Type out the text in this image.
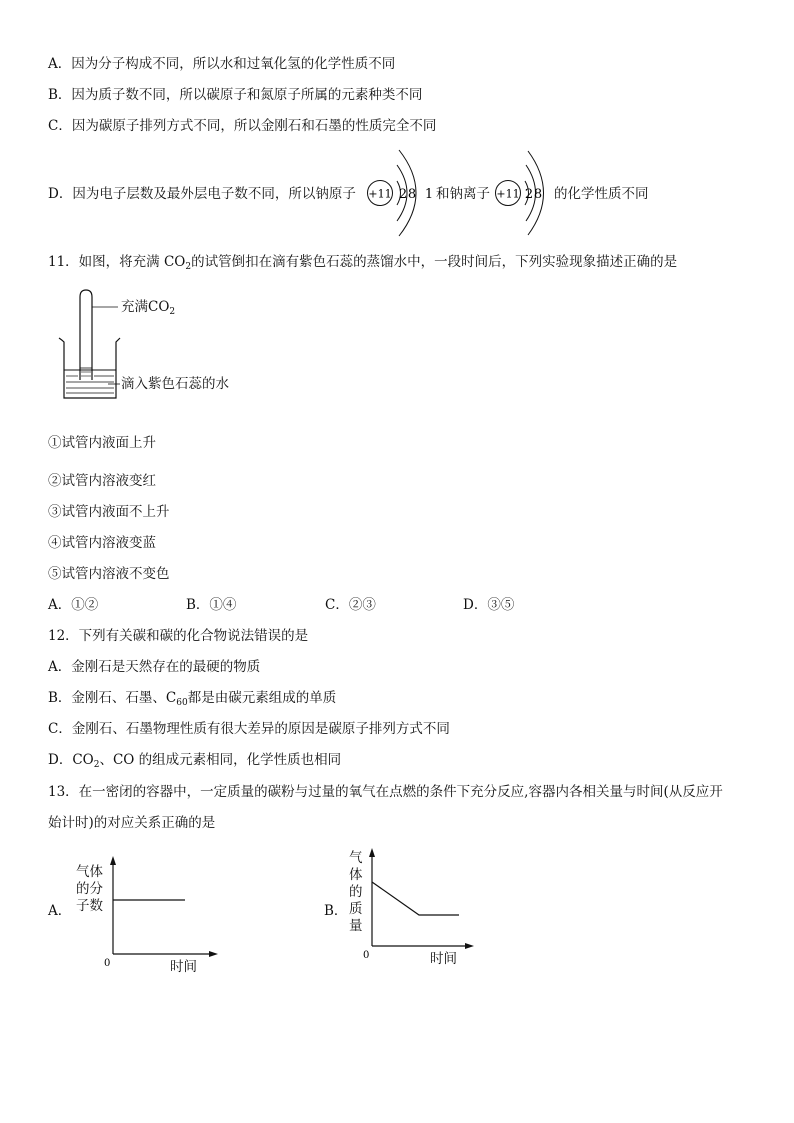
A．因为分子构成不同，所以水和过氧化氢的化学性质不同
B．因为质子数不同，所以碳原子和氮原子所属的元素种类不同
C．因为碳原子排列方式不同，所以金刚石和石墨的性质完全不同
D．因为电子层数及最外层电子数不同，所以钠原子 +11 2 8 1 和钠离子 +11 2 8 的化学性质不同
11．如图，将充满 $CO_2$的试管倒扣在滴有紫色石蕊的蒸馏水中，一段时间后，下列实验现象描述正确的是
充满$CO_2$
滴入紫色石蕊的水
①试管内液面上升
②试管内溶液变红
③试管内液面不上升
④试管内溶液变蓝
⑤试管内溶液不变色
A．①②	B．①④	C．②③	D．③⑤
12．下列有关碳和碳的化合物说法错误的是
A．金刚石是天然存在的最硬的物质
B．金刚石、石墨、$C_{60}$都是由碳元素组成的单质
C．金刚石、石墨物理性质有很大差异的原因是碳原子排列方式不同
D．$CO_2$、CO 的组成元素相同，化学性质也相同
13．在一密闭的容器中，一定质量的碳粉与过量的氧气在点燃的条件下充分反应,容器内各相关量与时间(从反应开
始计时)的对应关系正确的是
A．
气体
的分
子数
0	时间
B．
气
体
的
质
量
0	时间
